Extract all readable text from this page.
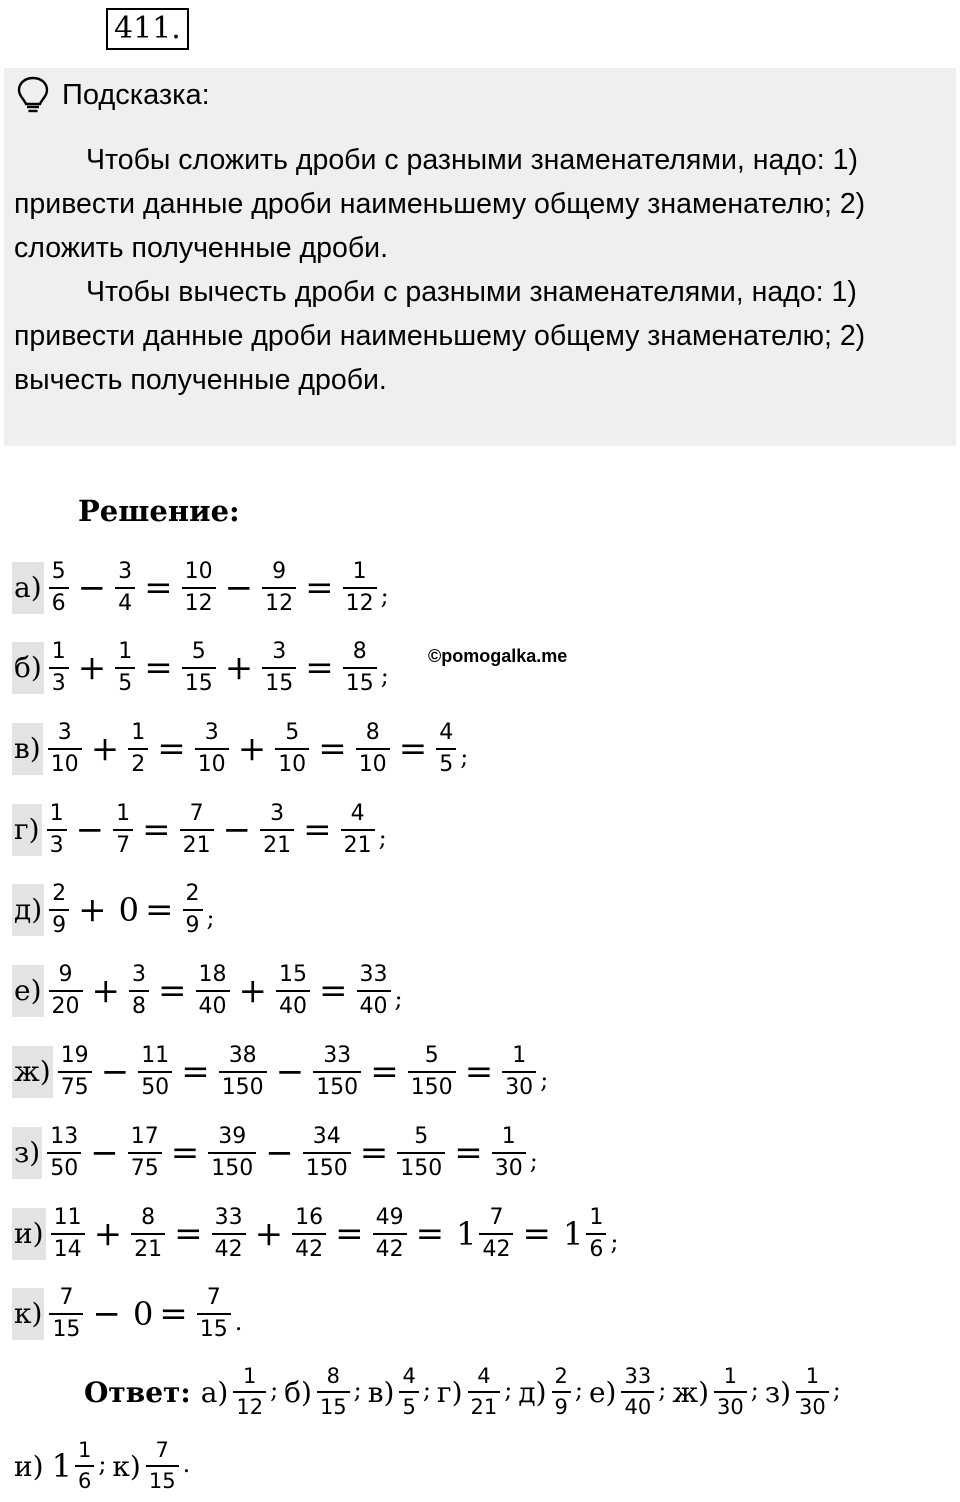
411.
Подсказка:

Чтобы сложить дроби с разными знаменателями, надо: 1) привести данные дроби наименьшему общему знаменателю; 2) сложить полученные дроби.

Чтобы вычесть дроби с разными знаменателями, надо: 1) привести данные дроби наименьшему общему знаменателю; 2) вычесть полученные дроби.

Решение:
©pomogalka.me
$а) \frac{5}{6} - \frac{3}{4} = \frac{10}{12} - \frac{9}{12} = \frac{1}{12}$ ;
$б) \frac{1}{3} + \frac{1}{5} = \frac{5}{15} + \frac{3}{15} = \frac{8}{15}$ ;
$в) \frac{3}{10} + \frac{1}{2} = \frac{3}{10} + \frac{5}{10} = \frac{8}{10} = \frac{4}{5}$ ;
$г) \frac{1}{3} - \frac{1}{7} = \frac{7}{21} - \frac{3}{21} = \frac{4}{21}$ ;
$д) \frac{2}{9} + 0 = \frac{2}{9}$ ;
$е) \frac{9}{20} + \frac{3}{8} = \frac{18}{40} + \frac{15}{40} = \frac{33}{40}$ ;
$ж) \frac{19}{75} - \frac{11}{50} = \frac{38}{150} - \frac{33}{150} = \frac{5}{150} = \frac{1}{30}$ ;
$з) \frac{13}{50} - \frac{17}{75} = \frac{39}{150} - \frac{34}{150} = \frac{5}{150} = \frac{1}{30}$ ;
$и) \frac{11}{14} + \frac{8}{21} = \frac{33}{42} + \frac{16}{42} = \frac{49}{42} = 1 \frac{7}{42} = 1 \frac{1}{6}$ ;
$к) \frac{7}{15} - 0 = \frac{7}{15}$ .
Ответ: $а) \frac{1}{12}$ ; $б) \frac{8}{15}$ ; $в) \frac{4}{5}$ ; $г) \frac{4}{21}$ ; $д) \frac{2}{9}$ ; $е) \frac{33}{40}$ ; $ж) \frac{1}{30}$ ; $з) \frac{1}{30}$ ;
и) $1 \frac{1}{6}$ ; $к) \frac{7}{15}$ .
